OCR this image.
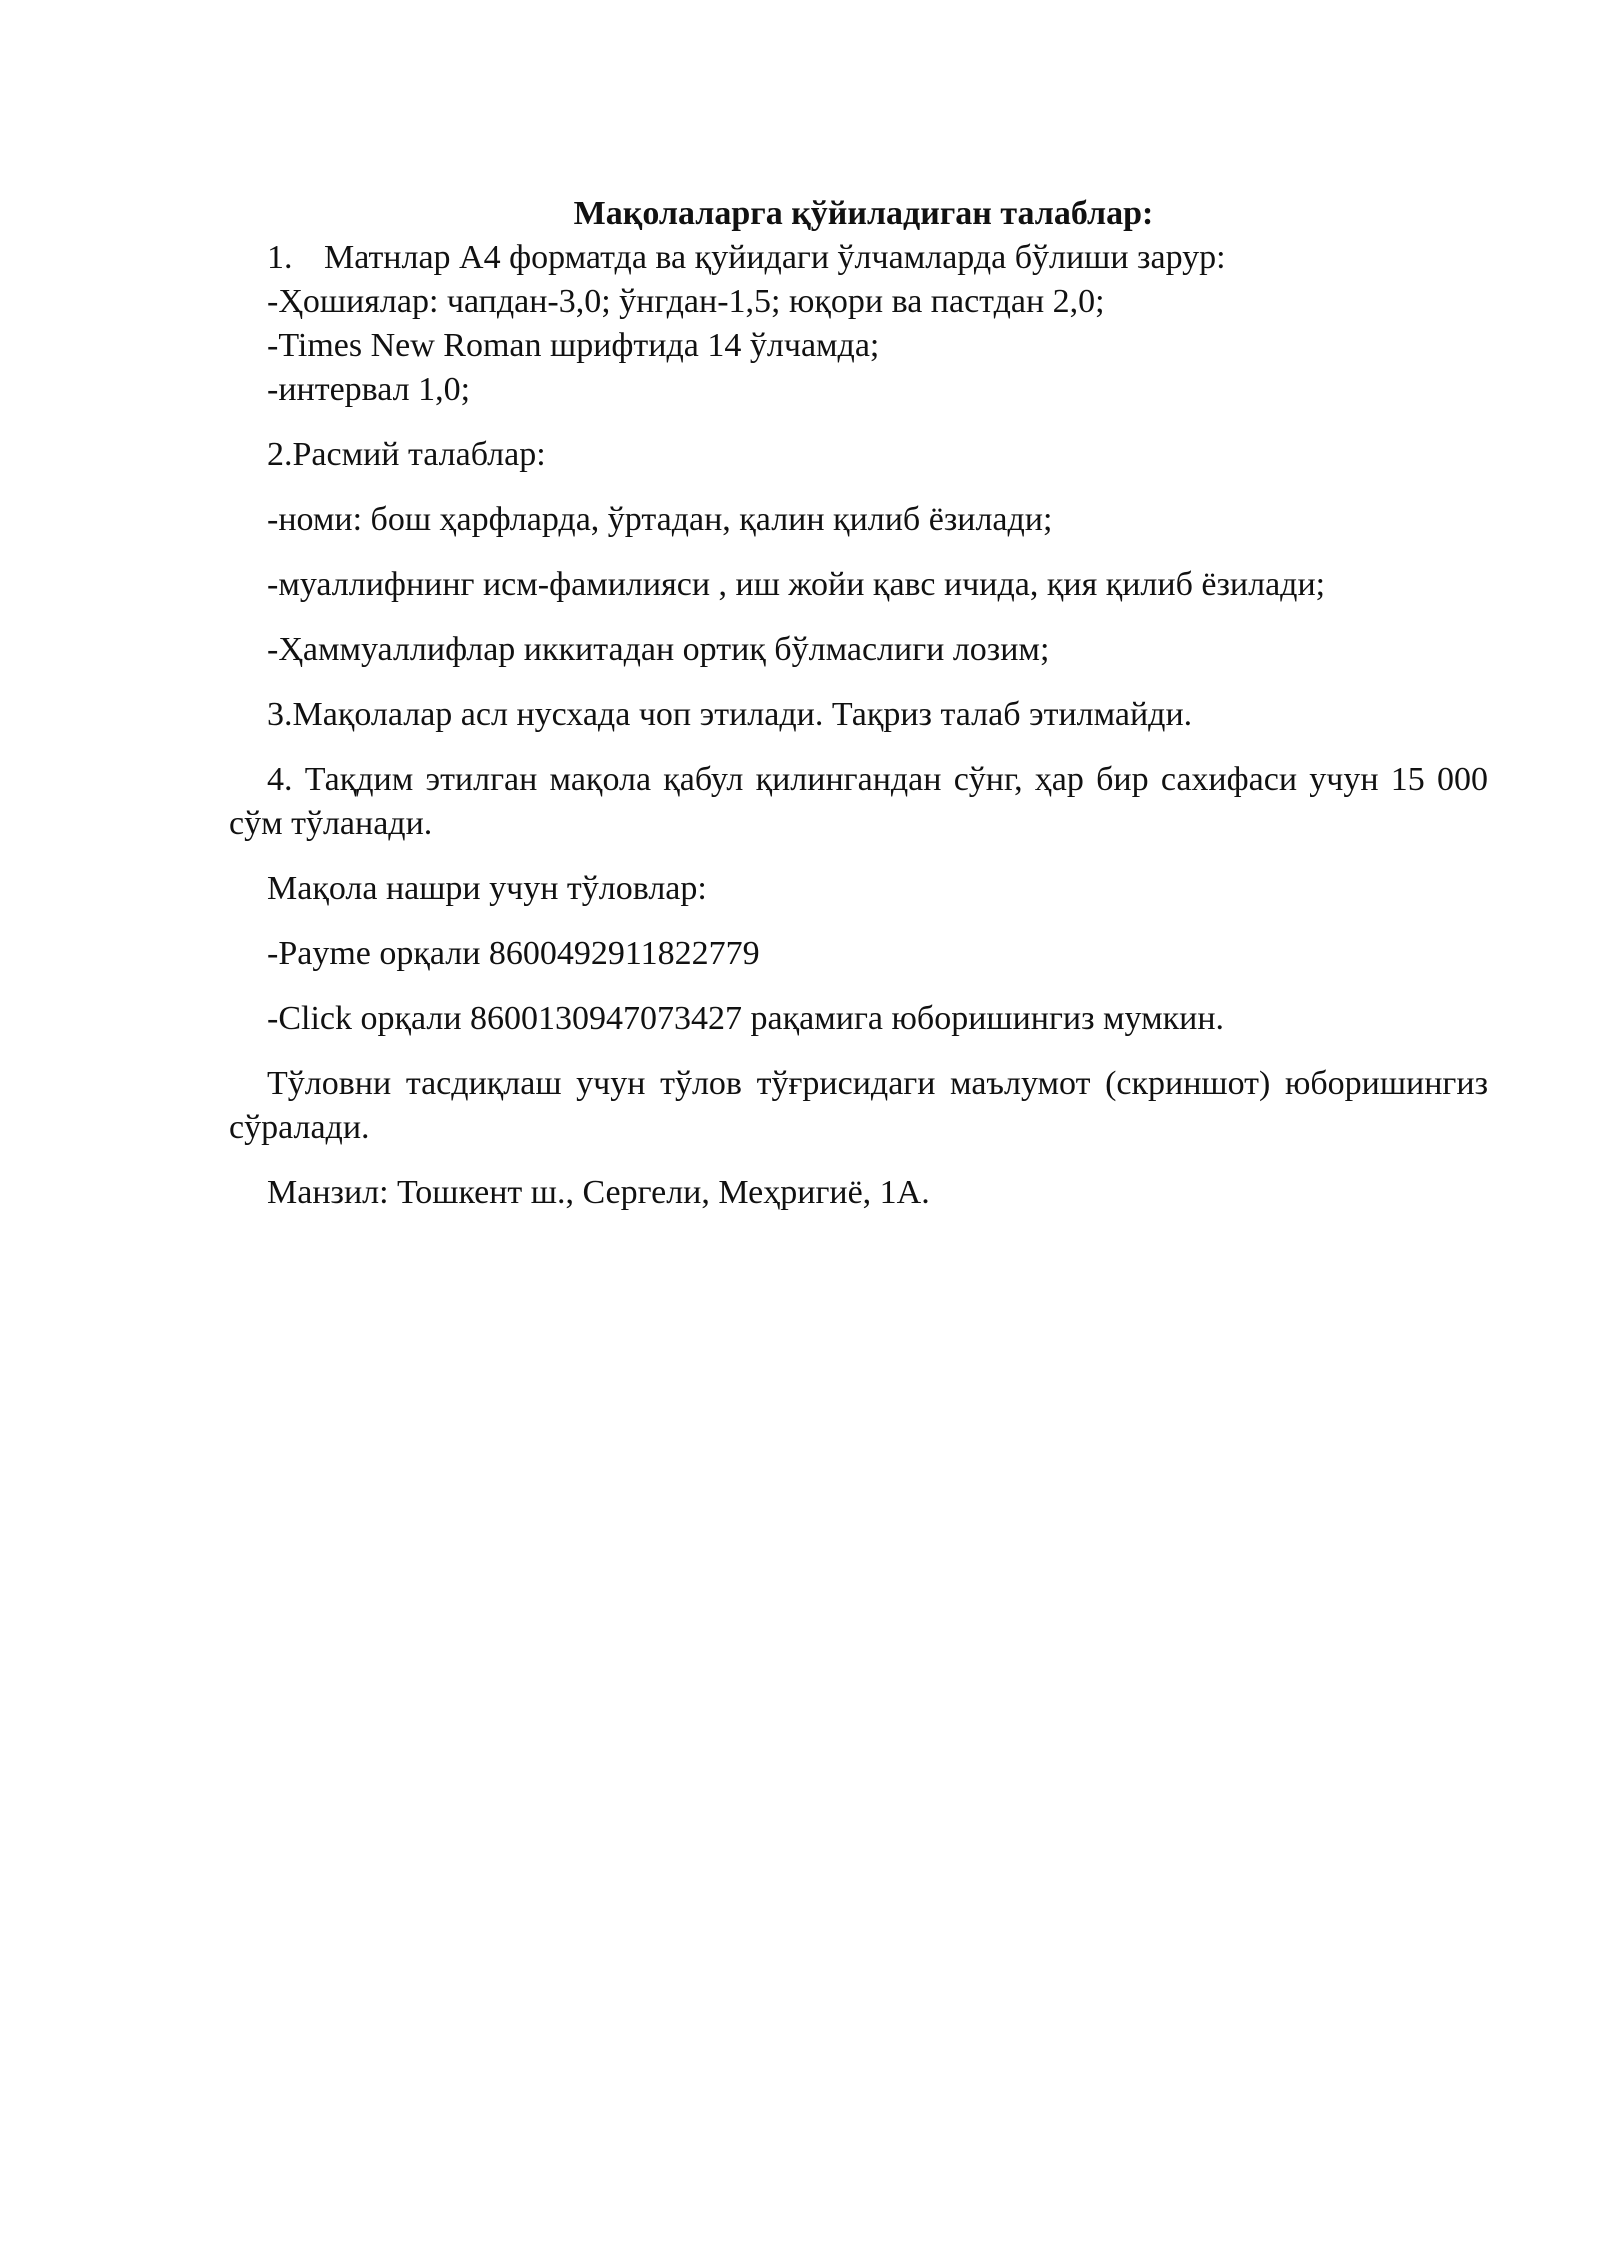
Мақолаларга қўйиладиган талаблар:

1. Матнлар А4 форматда ва қуйидаги ўлчамларда бўлиши зарур:
-Ҳошиялар: чапдан-3,0; ўнгдан-1,5; юқори ва пастдан 2,0;
-Times New Roman шрифтида 14 ўлчамда;
-интервал 1,0;

2.Расмий талаблар:

-номи: бош ҳарфларда, ўртадан, қалин қилиб ёзилади;

-муаллифнинг исм-фамилияси , иш жойи қавс ичида, қия қилиб ёзилади;

-Ҳаммуаллифлар иккитадан ортиқ бўлмаслиги лозим;

3.Мақолалар асл нусхада чоп этилади. Тақриз талаб этилмайди.

4. Тақдим этилган мақола қабул қилингандан сўнг, ҳар бир сахифаси учун 15 000 сўм тўланади.

Мақола нашри учун тўловлар:

-Payme орқали 8600492911822779

-Click орқали 8600130947073427 рақамига юборишингиз мумкин.

Тўловни тасдиқлаш учун тўлов тўғрисидаги маълумот (скриншот) юборишингиз сўралади.

Манзил: Тошкент ш., Сергели, Меҳригиё, 1А.
